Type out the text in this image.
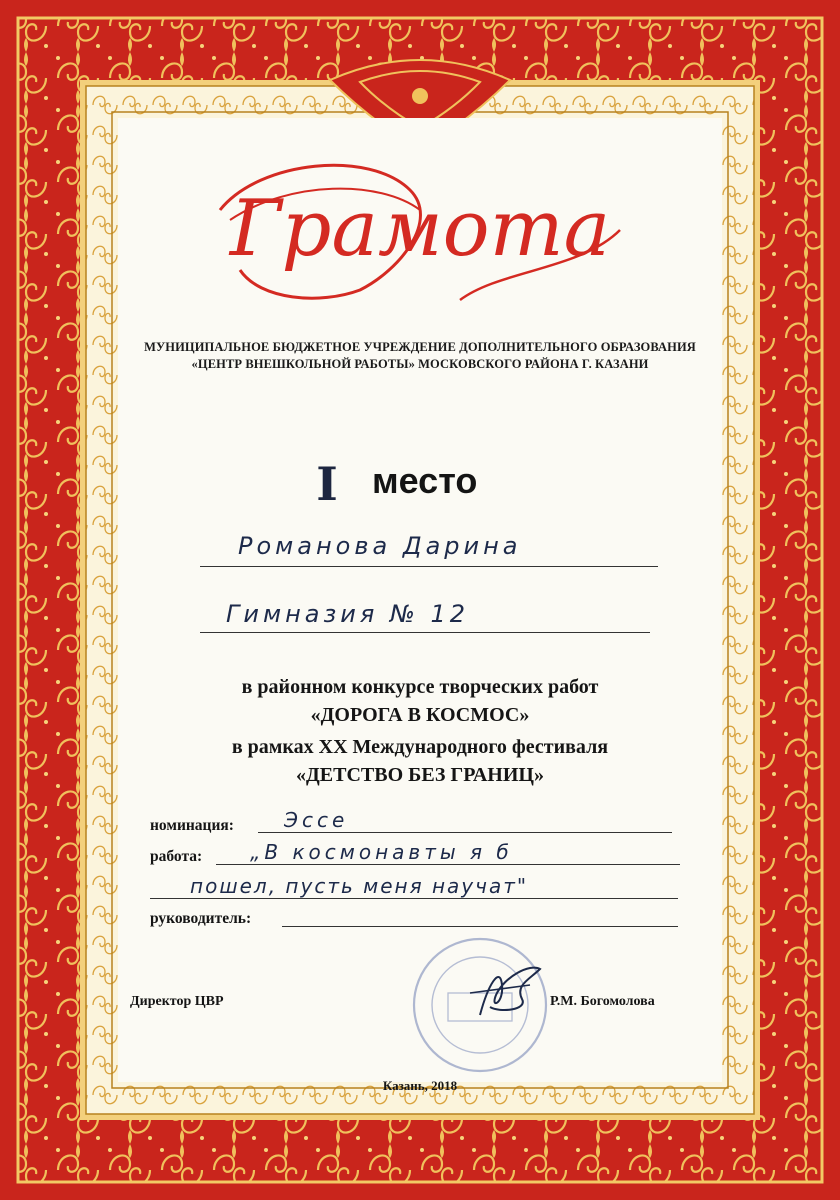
Грамота
МУНИЦИПАЛЬНОЕ БЮДЖЕТНОЕ УЧРЕЖДЕНИЕ ДОПОЛНИТЕЛЬНОГО ОБРАЗОВАНИЯ
«ЦЕНТР ВНЕШКОЛЬНОЙ РАБОТЫ» МОСКОВСКОГО РАЙОНА Г. КАЗАНИ
I место
Романова Дарина
Гимназия № 12
в районном конкурсе творческих работ
«ДОРОГА В КОСМОС»
в рамках XX Международного фестиваля
«ДЕТСТВО БЕЗ ГРАНИЦ»
номинация:	Эссе
работа: „В космонавты я б
пошел, пусть меня научат"
руководитель:
Директор ЦВР	Р.М. Богомолова
Казань, 2018
